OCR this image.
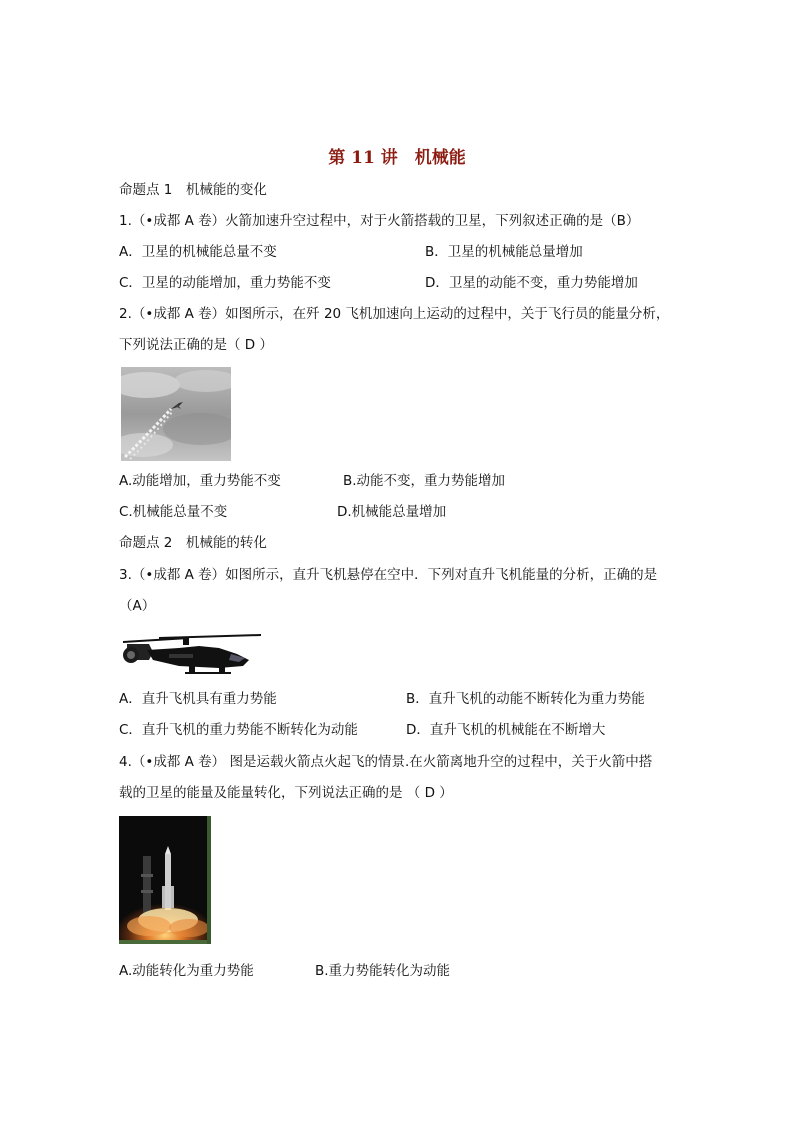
第 11 讲　机械能
命题点 1　机械能的变化
1.（•成都 A 卷）火箭加速升空过程中，对于火箭搭载的卫星，下列叙述正确的是（B）
A．卫星的机械能总量不变	B．卫星的机械能总量增加
C．卫星的动能增加，重力势能不变	D．卫星的动能不变，重力势能增加
2.（•成都 A 卷）如图所示，在歼 20 飞机加速向上运动的过程中，关于飞行员的能量分析，
下列说法正确的是（ D ）
A.动能增加，重力势能不变	B.动能不变，重力势能增加
C.机械能总量不变	D.机械能总量增加
命题点 2　机械能的转化
3.（•成都 A 卷）如图所示，直升飞机悬停在空中．下列对直升飞机能量的分析，正确的是
（A）
A．直升飞机具有重力势能	B．直升飞机的动能不断转化为重力势能
C．直升飞机的重力势能不断转化为动能	D．直升飞机的机械能在不断增大
4.（•成都 A 卷） 图是运载火箭点火起飞的情景.在火箭离地升空的过程中，关于火箭中搭
载的卫星的能量及能量转化，下列说法正确的是 （ D ）
A.动能转化为重力势能	B.重力势能转化为动能
